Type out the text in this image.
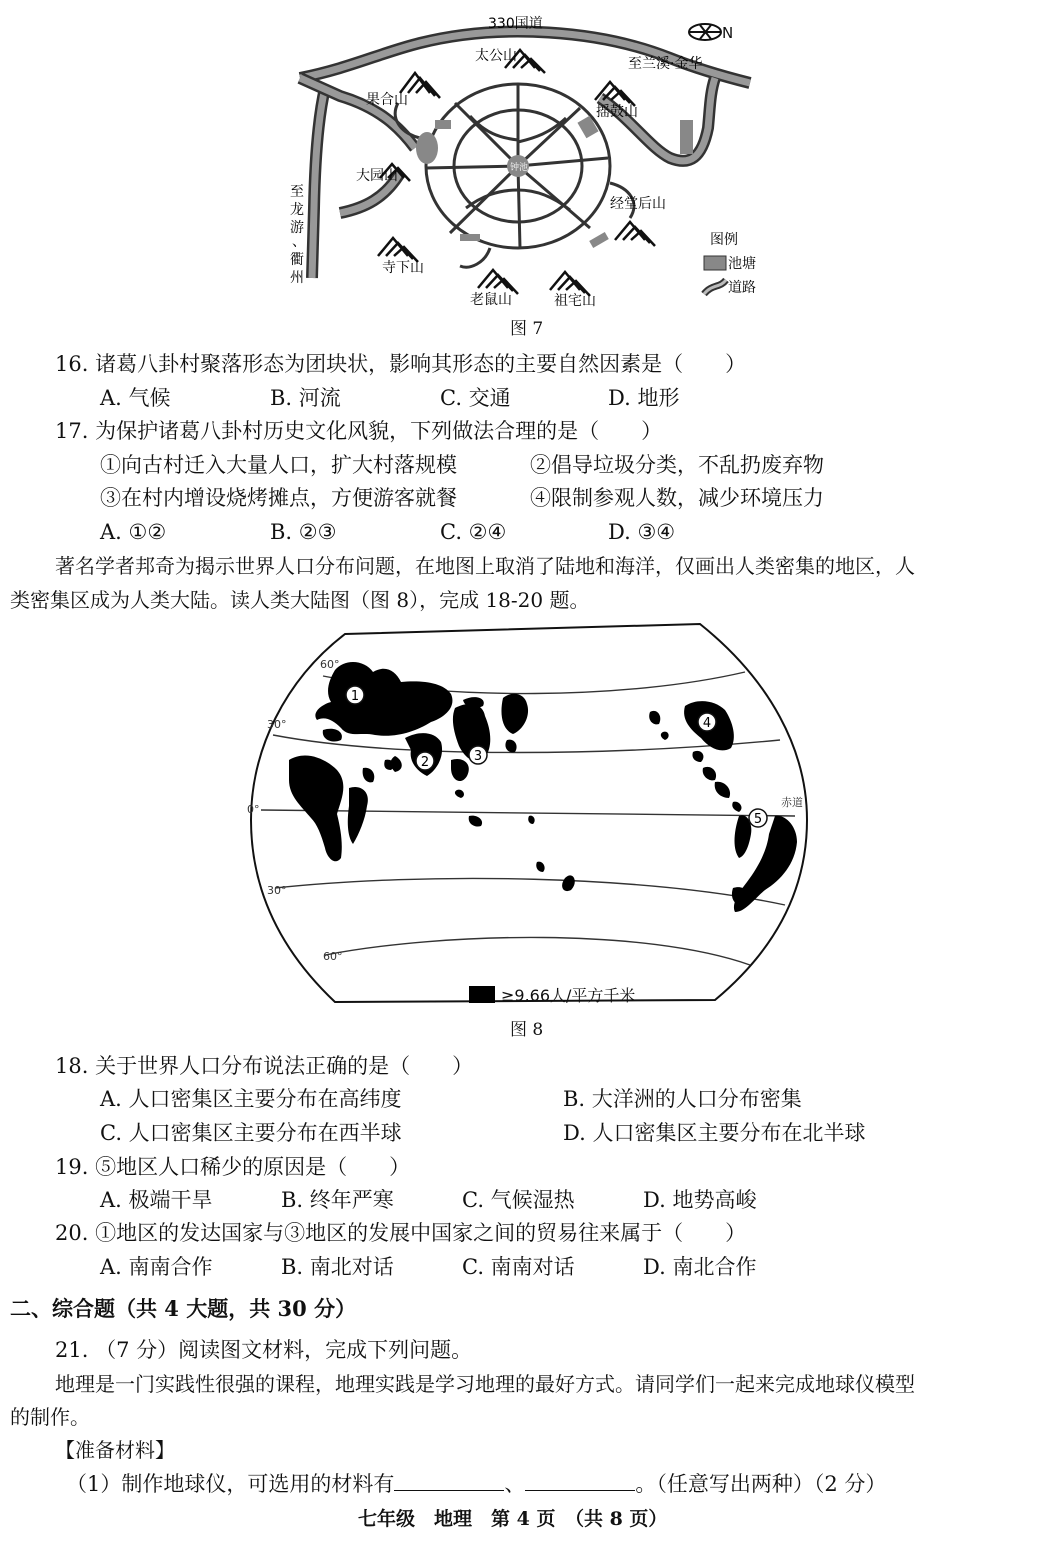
N
330国道
至兰溪·金华
太公山
果合山
摇鼓山
大园山
经堂后山
寺下山
老鼠山	祖宅山
钟池
至
龙
游
、
衢
州
图例
池塘
道路
图 7
16. 诸葛八卦村聚落形态为团块状，影响其形态的主要自然因素是（　　）
A. 气候	B. 河流	C. 交通	D. 地形
17. 为保护诸葛八卦村历史文化风貌，下列做法合理的是（　　）
①向古村迁入大量人口，扩大村落规模	②倡导垃圾分类，不乱扔废弃物
③在村内增设烧烤摊点，方便游客就餐	④限制参观人数，减少环境压力
A. ①②	B. ②③	C. ②④	D. ③④
著名学者邦奇为揭示世界人口分布问题，在地图上取消了陆地和海洋，仅画出人类密集的地区，人
类密集区成为人类大陆。读人类大陆图（图 8），完成 18-20 题。
60°
30°
0°
30°
60°
赤道
1
2	3
4
5
≥9.66人/平方千米
图 8
18. 关于世界人口分布说法正确的是（　　）
A. 人口密集区主要分布在高纬度	B. 大洋洲的人口分布密集
C. 人口密集区主要分布在西半球	D. 人口密集区主要分布在北半球
19. ⑤地区人口稀少的原因是（　　）
A. 极端干旱	B. 终年严寒	C. 气候湿热	D. 地势高峻
20. ①地区的发达国家与③地区的发展中国家之间的贸易往来属于（　　）
A. 南南合作	B. 南北对话	C. 南南对话	D. 南北合作
二、综合题（共 4 大题，共 30 分）
21. （7 分）阅读图文材料，完成下列问题。
地理是一门实践性很强的课程，地理实践是学习地理的最好方式。请同学们一起来完成地球仪模型
的制作。
【准备材料】
（1）制作地球仪，可选用的材料有	、	。（任意写出两种）（2 分）
七年级　地理　第 4 页　（共 8 页）
